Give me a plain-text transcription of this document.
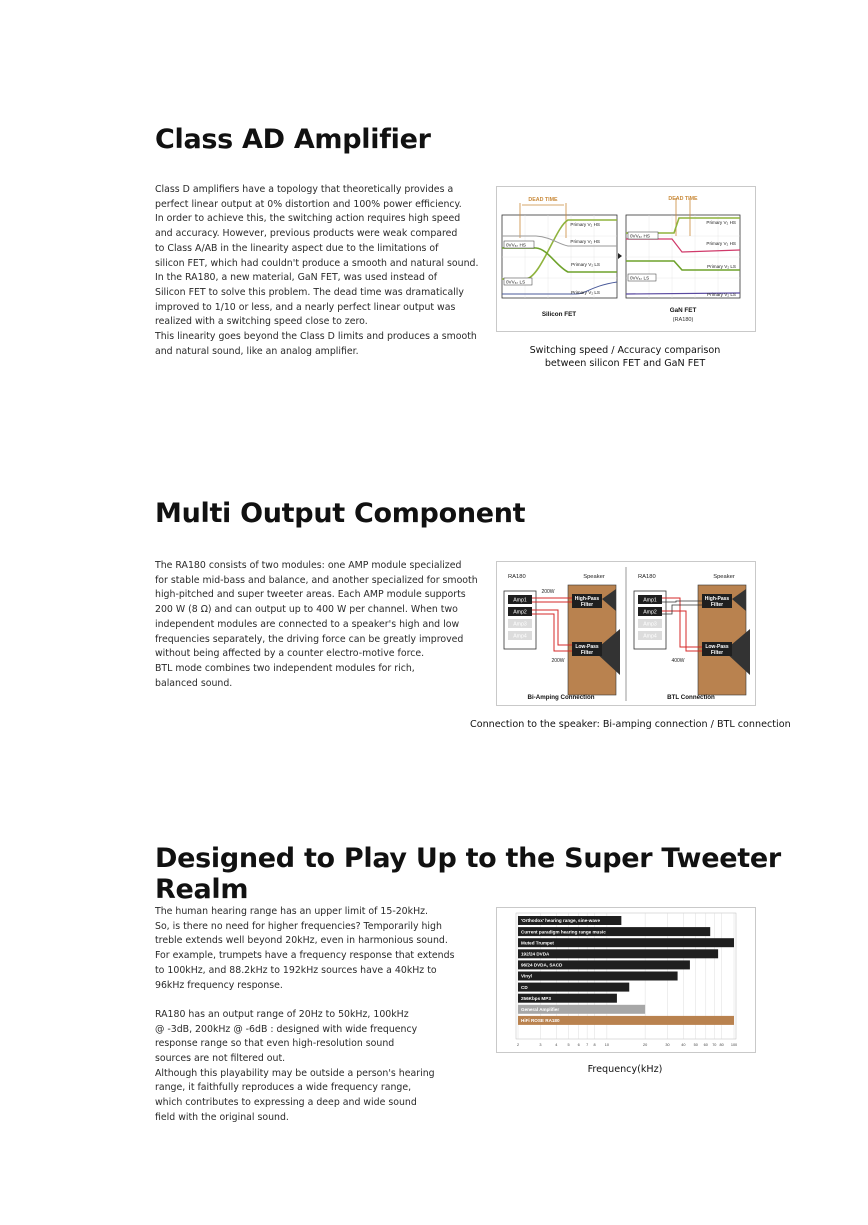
Class AD Amplifier

Class D amplifiers have a topology that theoretically provides a

perfect linear output at 0% distortion and 100% power efficiency.

In order to achieve this, the switching action requires high speed

and accuracy. However, previous products were weak compared

to Class A/AB in the linearity aspect due to the limitations of

silicon FET, which had couldn't produce a smooth and natural sound.

In the RA180, a new material, GaN FET, was used instead of

Silicon FET to solve this problem. The dead time was dramatically

improved to 1/10 or less, and a nearly perfect linear output was

realized with a switching speed close to zero.

This linearity goes beyond the Class D limits and produces a smooth

and natural sound, like an analog amplifier.

DEAD TIME
0VV₆ₛ HS
0VV₆ₛ LS
Primary V₂ HS
Primary V₂ HS
Primary V₂ LS
Primary V₂ LS
DEAD TIME
0VV₆ₛ HS
0VV₆ₛ LS
Primary V₂ HS
Primary V₂ HS
Primary V₂ LS
Primary V₂ LS
Silicon FET
GaN FET
(RA180)

Switching speed / Accuracy comparison

between silicon FET and GaN FET

Multi Output Component

The RA180 consists of two modules: one AMP module specialized

for stable mid-bass and balance, and another specialized for smooth

high-pitched and super tweeter areas. Each AMP module supports

200 W (8 Ω) and can output up to 400 W per channel. When two

independent modules are connected to a speaker's high and low

frequencies separately, the driving force can be greatly improved

without being affected by a counter electro-motive force.

BTL mode combines two independent modules for rich,

balanced sound.

RA180	Speaker
Amp1
Amp2
Amp3
Amp4
High-Pass
Filter
Low-Pass
Filter
200W
200W
Bi-Amping Connection
RA180	Speaker
Amp1
Amp2
Amp3
Amp4
High-Pass
Filter
Low-Pass
Filter
400W
BTL Connection

Connection to the speaker: Bi-amping connection / BTL connection

Designed to Play Up to the Super Tweeter Realm

The human hearing range has an upper limit of 15-20kHz.

So, is there no need for higher frequencies? Temporarily high

treble extends well beyond 20kHz, even in harmonious sound.

For example, trumpets have a frequency response that extends

to 100kHz, and 88.2kHz to 192kHz sources have a 40kHz to

96kHz frequency response.

RA180 has an output range of 20Hz to 50kHz, 100kHz

@ -3dB, 200kHz @ -6dB : designed with wide frequency

response range so that even high-resolution sound

sources are not filtered out.

Although this playability may be outside a person's hearing

range, it faithfully reproduces a wide frequency range,

which contributes to expressing a deep and wide sound

field with the original sound.

'Orthodox' hearing range, sine-wave
Current paradigm hearing range music
Muted Trumpet
192/24 DVDA
96/24 DVDA, SACD
Vinyl
CD
256Kbps MP3
General Amplifier
HiFi ROSE RA180
2	3	4	5 6 7 8 10	20	30	40 50 60 70 80 100

Frequency(kHz)
